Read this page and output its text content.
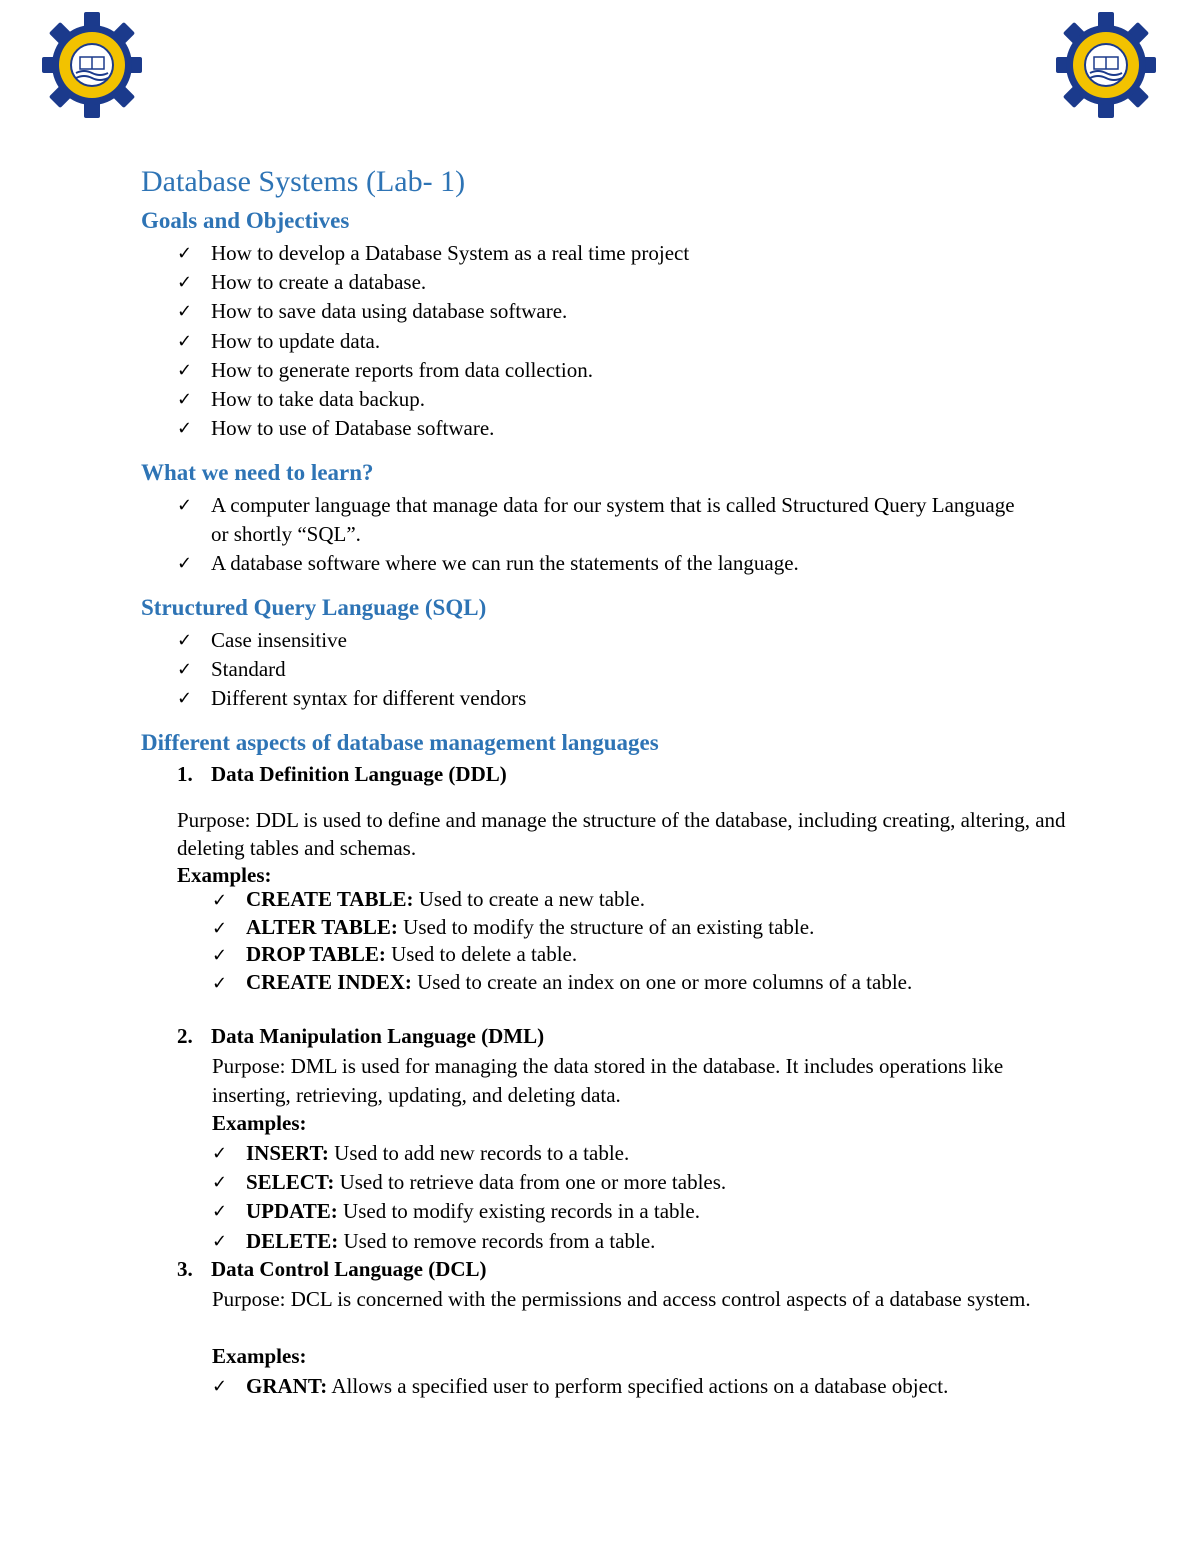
Database Systems (Lab- 1)
Goals and Objectives
✓ How to develop a Database System as a real time project
✓ How to create a database.
✓ How to save data using database software.
✓ How to update data.
✓ How to generate reports from data collection.
✓ How to take data backup.
✓ How to use of Database software.
What we need to learn?
✓ A computer language that manage data for our system that is called Structured Query Language or shortly “SQL”.
✓ A database software where we can run the statements of the language.
Structured Query Language (SQL)
✓ Case insensitive
✓ Standard
✓ Different syntax for different vendors
Different aspects of database management languages
1. Data Definition Language (DDL)

Purpose: DDL is used to define and manage the structure of the database, including creating, altering, and deleting tables and schemas.

Examples:
✓ CREATE TABLE: Used to create a new table.
✓ ALTER TABLE: Used to modify the structure of an existing table.
✓ DROP TABLE: Used to delete a table.
✓ CREATE INDEX: Used to create an index on one or more columns of a table.
2. Data Manipulation Language (DML)

Purpose: DML is used for managing the data stored in the database. It includes operations like inserting, retrieving, updating, and deleting data.

Examples:
✓ INSERT: Used to add new records to a table.
✓ SELECT: Used to retrieve data from one or more tables.
✓ UPDATE: Used to modify existing records in a table.
✓ DELETE: Used to remove records from a table.
3. Data Control Language (DCL)

Purpose: DCL is concerned with the permissions and access control aspects of a database system.

Examples:
✓ GRANT: Allows a specified user to perform specified actions on a database object.
